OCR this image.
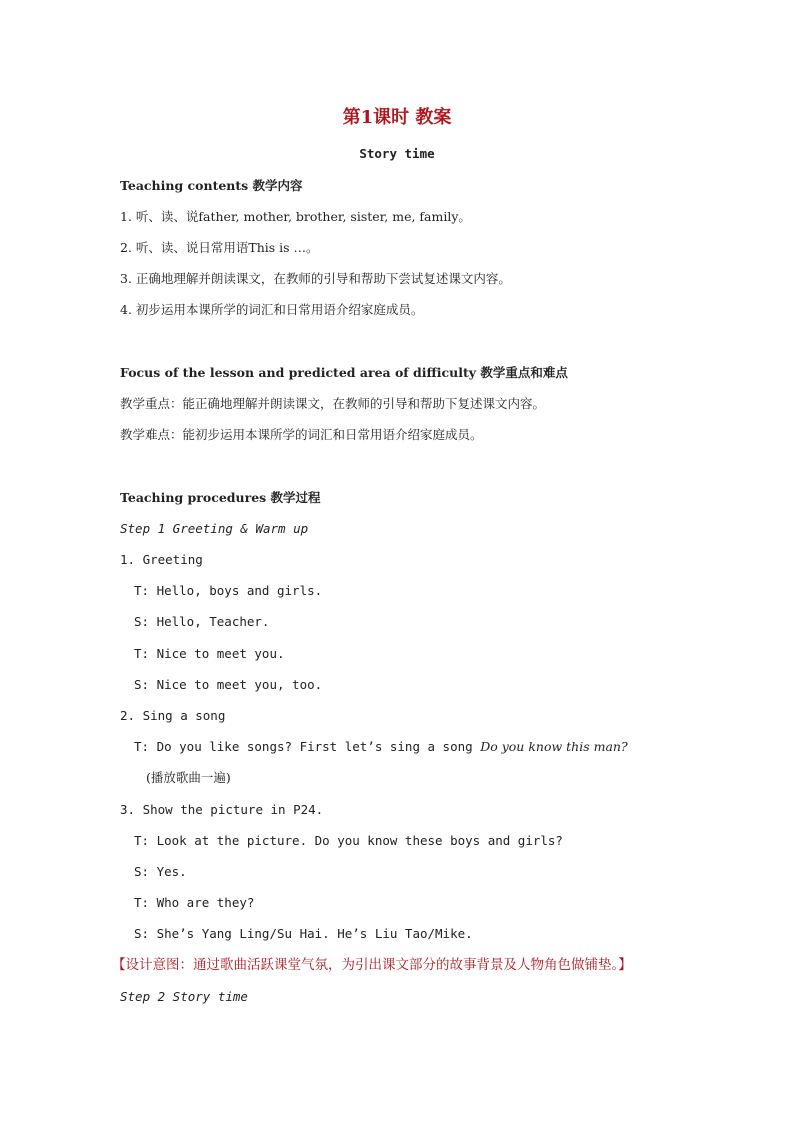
第1课时 教案
Story time
Teaching contents 教学内容
1. 听、读、说father, mother, brother, sister, me, family。
2. 听、读、说日常用语This is …。
3. 正确地理解并朗读课文，在教师的引导和帮助下尝试复述课文内容。
4. 初步运用本课所学的词汇和日常用语介绍家庭成员。
Focus of the lesson and predicted area of difficulty 教学重点和难点
教学重点：能正确地理解并朗读课文，在教师的引导和帮助下复述课文内容。
教学难点：能初步运用本课所学的词汇和日常用语介绍家庭成员。
Teaching procedures 教学过程
Step 1 Greeting & Warm up
1. Greeting
T: Hello, boys and girls.
S: Hello, Teacher.
T: Nice to meet you.
S: Nice to meet you, too.
2. Sing a song
T: Do you like songs? First let’s sing a song Do you know this man?
(播放歌曲一遍)
3. Show the picture in P24.
T: Look at the picture. Do you know these boys and girls?
S: Yes.
T: Who are they?
S: She’s Yang Ling/Su Hai. He’s Liu Tao/Mike.
【设计意图：通过歌曲活跃课堂气氛，为引出课文部分的故事背景及人物角色做铺垫。】
Step 2 Story time
